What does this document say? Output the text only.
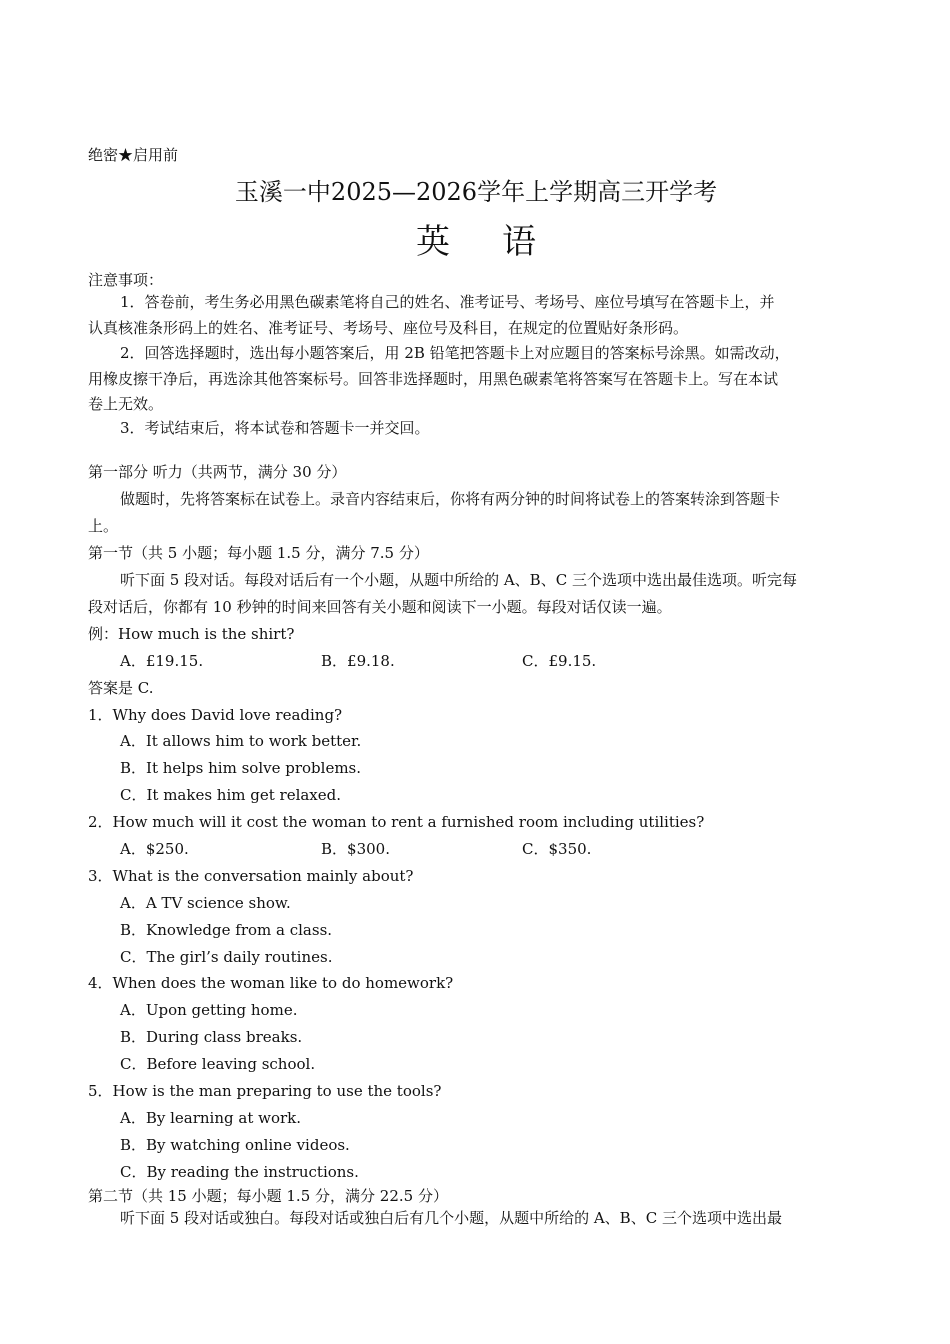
绝密★启用前
玉溪一中2025—2026学年上学期高三开学考
英 语
注意事项：
1．答卷前，考生务必用黑色碳素笔将自己的姓名、准考证号、考场号、座位号填写在答题卡上，并
认真核准条形码上的姓名、准考证号、考场号、座位号及科目，在规定的位置贴好条形码。
2．回答选择题时，选出每小题答案后，用 2B 铅笔把答题卡上对应题目的答案标号涂黑。如需改动，
用橡皮擦干净后，再选涂其他答案标号。回答非选择题时，用黑色碳素笔将答案写在答题卡上。写在本试
卷上无效。
3．考试结束后，将本试卷和答题卡一并交回。
第一部分 听力（共两节，满分 30 分）
做题时，先将答案标在试卷上。录音内容结束后，你将有两分钟的时间将试卷上的答案转涂到答题卡
上。
第一节（共 5 小题；每小题 1.5 分，满分 7.5 分）
听下面 5 段对话。每段对话后有一个小题，从题中所给的 A、B、C 三个选项中选出最佳选项。听完每
段对话后，你都有 10 秒钟的时间来回答有关小题和阅读下一小题。每段对话仅读一遍。
例：How much is the shirt?
A．£19.15.	B．£9.18.	C．£9.15.
答案是 C.
1．Why does David love reading?
A．It allows him to work better.
B．It helps him solve problems.
C．It makes him get relaxed.
2．How much will it cost the woman to rent a furnished room including utilities?
A．$250.	B．$300.	C．$350.
3．What is the conversation mainly about?
A．A TV science show.
B．Knowledge from a class.
C．The girl’s daily routines.
4．When does the woman like to do homework?
A．Upon getting home.
B．During class breaks.
C．Before leaving school.
5．How is the man preparing to use the tools?
A．By learning at work.
B．By watching online videos.
C．By reading the instructions.
第二节（共 15 小题；每小题 1.5 分，满分 22.5 分）
听下面 5 段对话或独白。每段对话或独白后有几个小题，从题中所给的 A、B、C 三个选项中选出最
